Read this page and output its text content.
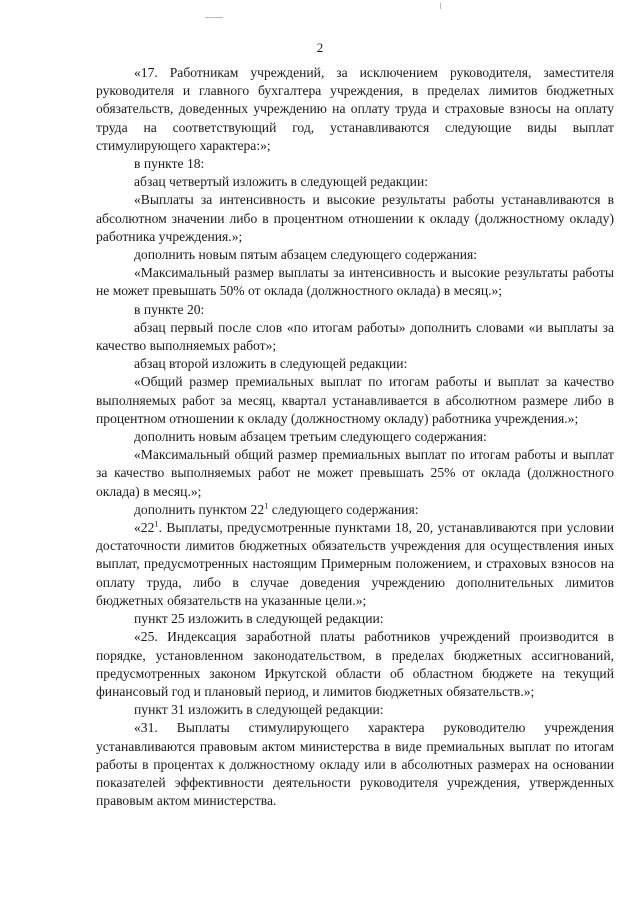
2

«17. Работникам учреждений, за исключением руководителя, заместителя руководителя и главного бухгалтера учреждения, в пределах лимитов бюджетных обязательств, доведенных учреждению на оплату труда и страховые взносы на оплату труда на соответствующий год, устанавливаются следующие виды выплат стимулирующего характера:»;

в пункте 18:

абзац четвертый изложить в следующей редакции:

«Выплаты за интенсивность и высокие результаты работы устанавливаются в абсолютном значении либо в процентном отношении к окладу (должностному окладу) работника учреждения.»;

дополнить новым пятым абзацем следующего содержания:

«Максимальный размер выплаты за интенсивность и высокие результаты работы не может превышать 50% от оклада (должностного оклада) в месяц.»;

в пункте 20:

абзац первый после слов «по итогам работы» дополнить словами «и выплаты за качество выполняемых работ»;

абзац второй изложить в следующей редакции:

«Общий размер премиальных выплат по итогам работы и выплат за качество выполняемых работ за месяц, квартал устанавливается в абсолютном размере либо в процентном отношении к окладу (должностному окладу) работника учреждения.»;

дополнить новым абзацем третьим следующего содержания:

«Максимальный общий размер премиальных выплат по итогам работы и выплат за качество выполняемых работ не может превышать 25% от оклада (должностного оклада) в месяц.»;

дополнить пунктом $22^1$ следующего содержания:

«$22^1$. Выплаты, предусмотренные пунктами 18, 20, устанавливаются при условии достаточности лимитов бюджетных обязательств учреждения для осуществления иных выплат, предусмотренных настоящим Примерным положением, и страховых взносов на оплату труда, либо в случае доведения учреждению дополнительных лимитов бюджетных обязательств на указанные цели.»;

пункт 25 изложить в следующей редакции:

«25. Индексация заработной платы работников учреждений производится в порядке, установленном законодательством, в пределах бюджетных ассигнований, предусмотренных законом Иркутской области об областном бюджете на текущий финансовый год и плановый период, и лимитов бюджетных обязательств.»;

пункт 31 изложить в следующей редакции:

«31. Выплаты стимулирующего характера руководителю учреждения устанавливаются правовым актом министерства в виде премиальных выплат по итогам работы в процентах к должностному окладу или в абсолютных размерах на основании показателей эффективности деятельности руководителя учреждения, утвержденных правовым актом министерства.
